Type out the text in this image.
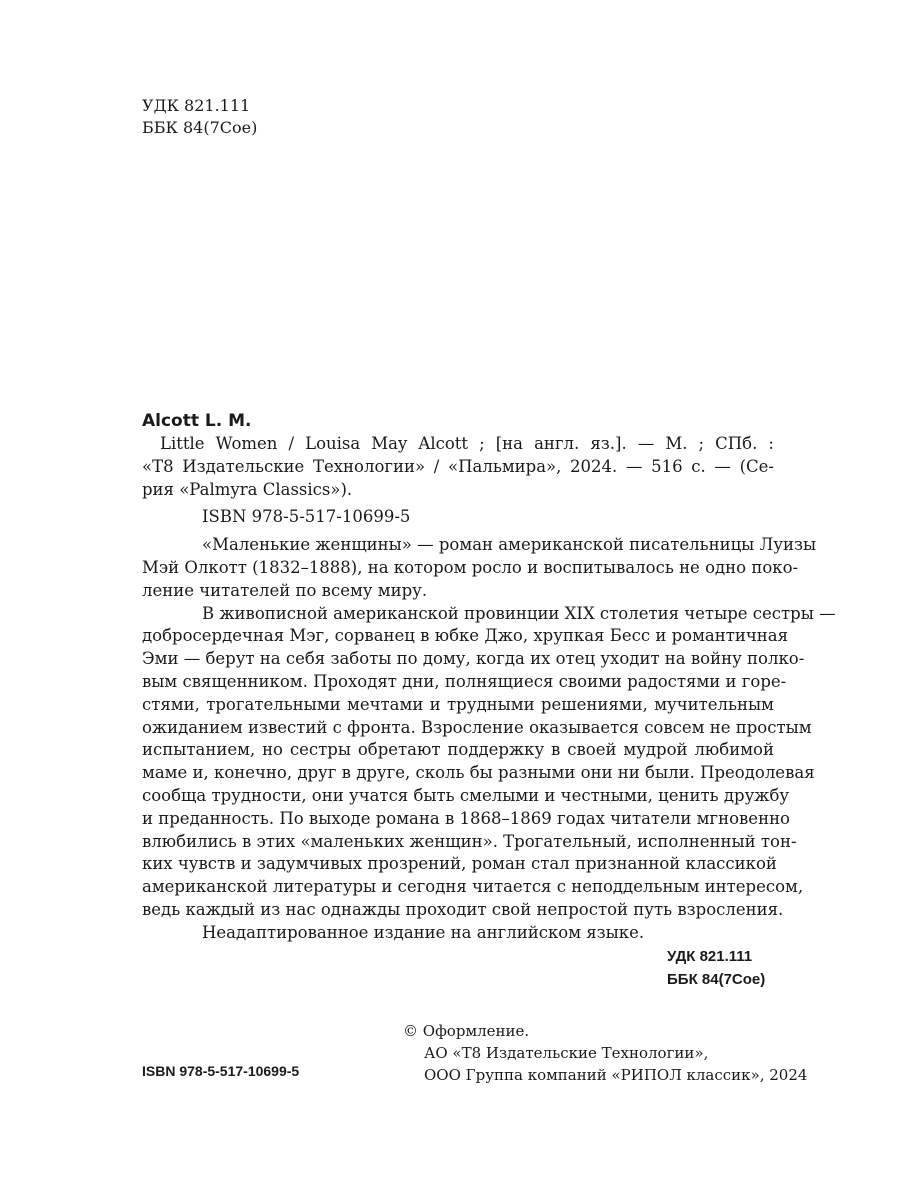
УДК 821.111
ББК 84(7Сое)
Alcott L. M.
Little Women / Louisa May Alcott ; [на англ. яз.]. — М. ; СПб. :
«Т8 Издательские Технологии» / «Пальмира», 2024. — 516 с. — (Се-
рия «Palmyra Classics»).
ISBN 978-5-517-10699-5
«Маленькие женщины» — роман американской писательницы Луизы
Мэй Олкотт (1832–1888), на котором росло и воспитывалось не одно поко-
ление читателей по всему миру.
В живописной американской провинции XIX столетия четыре сестры —
добросердечная Мэг, сорванец в юбке Джо, хрупкая Бесс и романтичная
Эми — берут на себя заботы по дому, когда их отец уходит на войну полко-
вым священником. Проходят дни, полнящиеся своими радостями и горе-
стями, трогательными мечтами и трудными решениями, мучительным
ожиданием известий с фронта. Взросление оказывается совсем не простым
испытанием, но сестры обретают поддержку в своей мудрой любимой
маме и, конечно, друг в друге, сколь бы разными они ни были. Преодолевая
сообща трудности, они учатся быть смелыми и честными, ценить дружбу
и преданность. По выходе романа в 1868–1869 годах читатели мгновенно
влюбились в этих «маленьких женщин». Трогательный, исполненный тон-
ких чувств и задумчивых прозрений, роман стал признанной классикой
американской литературы и сегодня читается с неподдельным интересом,
ведь каждый из нас однажды проходит свой непростой путь взросления.
Неадаптированное издание на английском языке.
УДК 821.111
ББК 84(7Сое)
© Оформление.
АО «Т8 Издательские Технологии»,
ООО Группа компаний «РИПОЛ классик», 2024
ISBN 978-5-517-10699-5
